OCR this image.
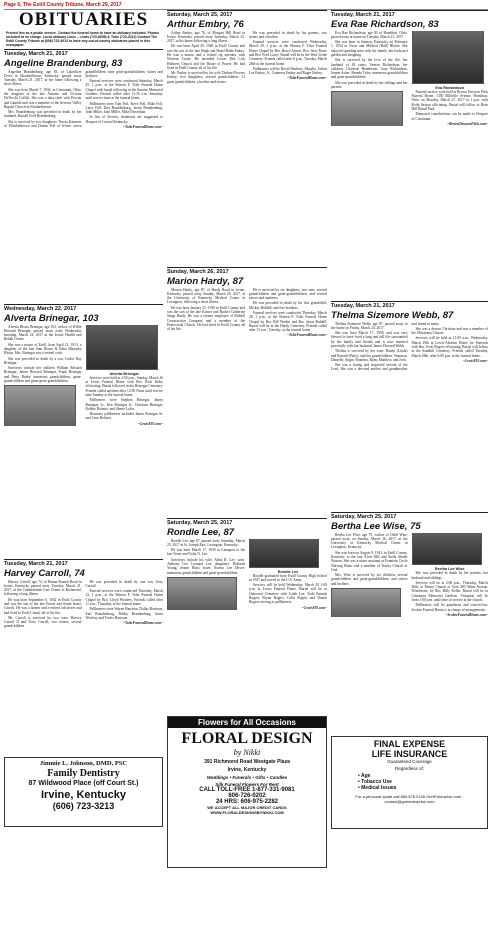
Page 6, The Estill County Tribune, March 29, 2017
OBITUARIES

Printed free as a public service. Contact the funeral home to have an obituary included. Photos included at no charge. Local obituary Lines – Lewis (723-8008) & Toler (723-2412) Contact The Estill County Tribune at (606) 723-9012 to have any out-of-county obituaries placed in this newspaper.

Tuesday, March 21, 2017
Angeline Brandenburg, 83

Angeline Brandenburg, age 83, of Lakeshore Drive in Elizabethtown, Kentucky, passed away Tuesday, March 21, 2017, at her home following a short illness.

She was born March 7, 1934, in Cincinnati, Ohio, the daughter of the late Antonio and Victoria DeVecchi Coffelt. She was a data clerk with Procter and Gamble and was a member of the Severns Valley Baptist Church in Elizabethtown.

Mrs. Brandenburg was preceded in death by her husband, Russell Fred Brandenburg.

She is survived by two daughters: Teresa Kamerer of Elizabethtown and Donna Foll of Irvine; seven grandchildren; nine great-grandchildren; sisters and brothers.

Funeral services were conducted Saturday, March 25, 1 p.m., at the Warren F. Toler Funeral Home Chapel with burial following in the Sunrise Memorial Gardens. Friends called after 11:30 a.m. Saturday, until service time at the funeral home.

Pallbearers were Tom Foll, Steve Foll, Mike Foll, Larry Foll, Don Brandenburg, Justin Brandenburg, John Miller, Jake Miller, Mike Dezoriban.

In lieu of flowers, donations are suggested to Hospice of Central Kentucky.

~TolerFuneralHome.com~
Wednesday, March 22, 2017
Alverta Brinegar, 103

Alverta Hisaw Brinegar, age 103, widow of Willie Howard Brinegar, passed away early Wednesday morning, March 22, 2017 at the Irvine Health and Rehab Center.

She was a native of Estill, born April 12, 1913, a daughter of the late Sam Hisaw & Edna Mumpby Hisaw. Mrs. Brinegar was a retired cook.

She was preceded in death by a son, Carlos Ray Brinegar.

Survivors include her children William Edward Brinegar, James Howard Brinegar, Frank Brinegar and Betty Rader; numerous grandchildren, great-grandchildren and great-great-grandchildren.

Alverta Brinegar

Services were held at 2:00 p.m., Sunday, March 26 at Lewis Funeral Home with Bro. Rick Kirby officiating. Burial followed in the Brinegar Cemetery. Friends called anytime after 12:00 Noon until service time Sunday at the funeral home.

Pallbearers were Stephen Brinegar, James Brinegar, Jr., Ken Brinegar Jr., Christian Brinegar, Robbie Roberts, and Sherie Lolos.

Honorary pallbearers included James Brinegar Sr. and Leon Roberts.

~LewisFH.com~
Tuesday, March 21, 2017
Harvey Carroll, 74

Harvey Carroll, age 74, of Hanna Branch Road in Irvine, Kentucky passed away Tuesday, March 21, 2017, at the Cumberlands Care Center in Richmond, following a long illness.

He was born September 6, 1942 in Estill County and was the son of the late Ernest and Sarah Isaacs Carroll. He was a farmer and a retired cab driver and had lived in Estill County all of his life.

Mr. Carroll is survived by two sons: Harvey Carroll II and Terry Carroll; two sisters; several grandchildren.

He was preceded in death by one son, Jerry Carroll.

Funeral services were conducted Thursday, March 23, 1 p.m., at the Warren F. Toler Funeral Home Chapel by Bro. Lloyd Woolery. Friends called after 11 a.m., Thursday, at the funeral home.

Pallbearers were Wayne Harrison, Dallas Harrison, Earl Brandenburg, Bobby Brandenburg, Jason Woolery and Travis Harrison.

~TolerFuneralHome.com~
Jimmie L. Johnson, DMD, PSC
Family Dentistry
87 Wildwood Place (off Court St.)
Irvine, Kentucky
(606) 723-3213
Saturday, March 25, 2017
Arthur Embry, 76

Arthur Embry, age 76, of Morgan Hill Road in Irvine, Kentucky, passed away Saturday, March 25, 2017, at his home following a long illness.

He was born April 20, 1940 in Estill County and was the son of the late Hugh and Hazel Babb Embry. He was a mason and a retired rig operator with Western Crude. He attended Lower Red Lick Holiness Church and the House of Prayer. He had lived in Estill County all of his life.

Mr. Embry is survived by his wife Thelma Flowers Embry; five daughters; several grandchildren; 13 great grandchildren; a brother and sisters.

He was preceded in death by his parents, two sisters and a brother.

Funeral services were conducted Wednesday, March 29, 1 p.m., at the Warren F. Toler Funeral Home Chapel by Bro. Bruce Alcorn, Bro. Jerry Rowe and Bro. Fred Lacey. Burial will be in the West Irvine Cemetery. Friends called after 6 p.m., Tuesday, March 28th at the funeral home.

Pallbearers will be David Marbury, Murphy, Arthur Lee Embry, Jr., Cameron Embry and Roger Embry.

~TolerFuneralHome.com~
Sunday, March 26, 2017
Marion Hardy, 87

Marion Hardy, age 87, of Hardy Road in Irvine, Kentucky, passed away Sunday, March 26, 2017, at the University of Kentucky Medical Center in Lexington, following a short illness.

He was born January 21, 1930 in Estill County and was the son of the late Kinzer and Rachel Catherine Stepp Hardy. He was a former employee of Riddell Construction Company and a member of the Pentecostal Church. He had lived in Estill County all of his life.

He is survived by six daughters, two sons, several grandchildren and great-grandchildren; and several nieces and nephews.

He was preceded in death by his first grandchild, Mickey Riddell, and five brothers.

Funeral services were conducted Thursday, March 28, 1 p.m., at the Warren F. Toler Funeral Home Chapel by Bro. Bill Werber and Bro. Jason Riddell. Burial will be at the Hardy Cemetery. Friends called after 11 a.m., Tuesday, at the funeral home.

~TolerFuneralHome.com~
Saturday, March 25, 2017
Rondle Lee, 87

Rondle Lee, age 87, passed away Saturday, March 25, 2017 at St. Joseph East, Lexington, Kentucky.

He was born March 17, 1930 in Canapton to the late Verne and Nolia N. Lee.

Survivors include his wife, Alma R. Lee; sons: Anthony Lee, Leonard Lee; daughters: Deborah Young, Jeanie Hunt; sister, Norma Lee Oliver; numerous grandchildren and great-grandchildren.	Rondle Lee

Rondle graduated from Estill County High School in 1947 and served in the U.S. Army.

Services will be held Wednesday, March 29 1:00 p.m. at Lewis Funeral Home. Burial will be in Oakwood Cemetery with Caleb Lee, Todd Emmitt Rogers, Bryan Rogers, Colin Rogers and Dustin Rogers serving as pallbearers.

~LewisFH.com~
Flowers for All Occasions
FLORAL DESIGN
by Nikki
391 Richmond Road Westgate Plaza
Irvine, Kentucky
Weddings • Funerals • Gifts • Candles
Silk Funeral Flowers For Rent
CALL TOLL-FREE 1-877-331-9081
606-726-0202
24 HRS: 606-975-2282
WE ACCEPT ALL MAJOR CREDIT CARDS
WWW.FLORALDESIGNSBYNIKKI.COM
Tuesday, March 21, 2017
Eva Rae Richardson, 83

Eva Rae Richardson, age 83 of Hamilton, Ohio, passed away at home on Tuesday, March 21, 2017.

She was born in Stanton, Kentucky on February 1, 1934 to Oscar and Mildred (Hall) Blythe. She enjoyed spending time with her family, her backyard garden and shopping.

She is survived by the love of her life, her husband of 63 years, Vernon Richardson; her children, Charlene Henderson, Gary Richardson, Jennie Asher, Brenda Tyler; numerous grandchildren and great-grandchildren.

She was preceded in death by her siblings and her parents.	Eva Richardson

Funeral service were held at Brown Dawson Flick Funeral Home, 1350 Millville Avenue, Hamilton, Ohio, on Monday, March 27, 2017 at 1 p.m. with Keith Sexton officiating. Burial will follow at Rose Hill Burial Park.

Memorial contributions can be made to Hospice of Cincinnati.

~BrownDawsonFlick.com~
Tuesday, March 21, 2017
Thelma Sizemore Webb, 87

Thelma Sizemore Webb, age 87, passed away in her home on Friday, March 24, 2017.

She was born March 17, 1930, and was very blessed to have lived a long and full life surrounded by her family and friends and is now reunited peacefully with her husband, James Howard Webb.

Thelma is survived by her sons: Danny (Linda) and Ronald (Patty), and her grandchildren: Shannon, Danielle, Angie, Brandon, Ryan, Matthew, and Josh.

She was a loving and respected servant of the Lord. She was a devoted mother and grandmother and friend to many.

She was a devout Christian and was a member of the Oklahoma Church.

Services will be held at 11:00 a.m., Wednesday, March 29th at Lewis-Abshear Home for Funerals with Bro. Scott Rogers officiating. Burial will follow in the Sandhill Cemetery. Friends called Tuesday, March 28th, after 6:00 p.m. at the funeral home.

~LewisFH.com~
Saturday, March 25, 2017
Bertha Lee Wise, 75

Bertha Lee Wise, age 75, widow of Odell Wise, passed away on Sunday, March 26, 2017, at the University of Kentucky Medical Center in Lexington, Kentucky.

She was born on August 9, 1941, in Estill County, Kentucky to the late Alvin Hill and Stella Shuler Watson. She was a nurse assistant at Fountain Circle Nursing Home and a member of Trinity Church of God.

Mrs. Wise is survived by six children, several grandchildren and great-grandchildren, and sisters and brothers.

Bertha Lee Wise

She was preceded in death by her parents, her husband and siblings.

Services will be at 2:00 p.m., Thursday, March 30th, at Trinity Church of God, 285 Winn Avenue, Winchester, by Bro. Billy Keller. Burial will be in Clairmont Memorial Gardens. Visitation will be from 1:00 p.m. until time of service at the church.

Pallbearers will be grandsons and sons-in-law. Scobee Funeral Home is in charge of arrangements.

~ScobeeFuneralHome.com~
FINAL EXPENSE
LIFE INSURANCE
Guaranteed Coverage
Regardless of:
• Age
• Tobacco Use
• Medical Issues
For a personal quote call 859.575.2145 GnHEnterprise.com · contact@gnhenterprise.com
